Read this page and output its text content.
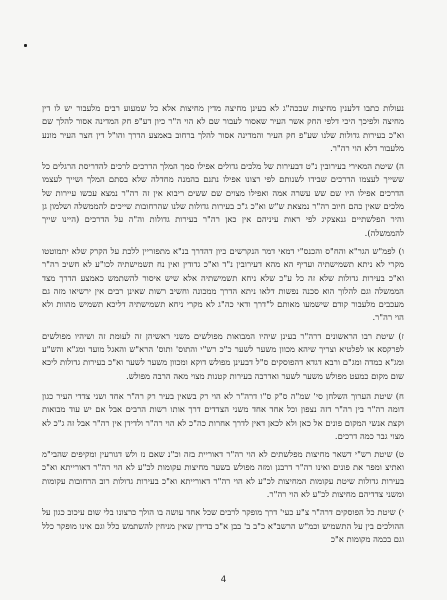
נעולות כתבו דלענין מחיצות שבכה"ג לא בעינן מחיצה מדין מחיצות אלא כל שמעוע רבים מלעבור יש לו דין מחיצה ולפיכך היכי דלפי החק אשר העיר שאסור לעבור שם לא הוי ה"ר כיון דע"פ חק המדינה אסור להלך שם וא"כ בעירות גדולות שלנו שע"פ חק העיר והמדינה אסור להלך ברחוב באמצע הדרך והו"ל דין חצר העיר מונע מלעבור דלא הוי רה"ר.

ה) שיטת המאירי בעירובין נ"ט דבעירות של מלכים גדולים אפילו סמך המלך הדרכים לרכים להדריסת הרגלים כל ששייך לעצמו הדרכים שבידו לשנותם לפי רצונו אפילו נתנם בהמנה מחדלה שלא בסתם המלך ושייך לעצמו הדרכים אפילו היו שם שש עשרה אמה ואפילו מצוים שם ששים ריבוא אין זה רה"ר נמצא עכשו עיירות של מלכים שאין כהם חיוב רה"ר נמצאת ש"ש וא"כ ג"כ בעירות גדולות שלנו שהרחובות שייכים להממשלה ושלמון גן והיר הפלשתיים גנאצקיג לפי ראות עיניהם אין כאן רה"ר בעירות גדולות וה"ה על הדרכים (היינו שייך להממשלה).

ו) לפמ"ש הגר"א והח"ס והכנס"י דמאי דמר הנקרשים כיון דהדרך בנ"א מתפזריין ללכת על הקרק שלא יתמוטטו מקרי לא ניתא תשמישתיה ועדיף הא מהא דעירובין נ"ד וא"כ גדודין ואין נח תשמישתיה לכו"ע לא חשיב רה"ר וא"כ בעירות גדולות שלא זה כל ע"כ שלא ניחא תשמישתיה אלא שיש איסור להשתמש כאמצע הדרך מצד הממשלה וגם להלוך הוא סכנה נפשות דלאו ניתא הדרך ממכונה וחשיב רשות שאינן רבים אין ירשיאו מזה גם מעכבים מלעבור קודם שישמעו מאותם ל"דרך ודאי כה"ג לא מקרי ניחא תשמישתיה דליכא תשמיש מהוות ולא הוי רה"ר.

ז) שיטת רבו הראשונים דרה"ר בעינן שיהיו המבואות מפולשים משני ראשיהן זה לעומת זה ושיהיו מפולשים לפרקסא או לפלטיא וצריך שיהא מכוון משער לשער כ"כ רש"י והתוס' ותוס' הרא"ש והאגל מועד ומג"א והש"ע ומג"א כמדה ומג"ם ורבא דגדא דהפוסקים ס"ל דבעינן מפולש דוקא ומכוון משער לשער וא"כ בעירות גדולות ליכא שום מקום כמעט מפולש משער לשער ואדרבה בעירות קטנות מצוי מאה הרבה מפולש.

ח) שיטת הערוך השלחן סי' שמ"ה ס"ק ס"ו דרה"ר לא הוי רק בשאין בעיר רק רה"ר אחד ושני צדדי העיר כגון דומה רה"ר בין רה"ר דזה נצפון וכל אחד אחד משני הצדדים דרך אותו רשות הרבים אבל אם יש עוד מבואות וקצת אנשי המקום פונים אל כאן ולא לכאן דאין לדרך אחרות כה"כ לא הוי רה"ר ולדידן אין רה"ר אבל זה ג"כ לא מצוי גבר כמה דרכים.

ט) שיטת רש"י דשאר מחיצות מפלשתים לא הוי רה"ר דאוריית בזה וכ"נ שאם נז ולש דגורעין ומקיפים שהבי"מ ואתיצ ומפר את פונים ואינו רה"ר דרבנן ומזה מפולש בשער מחיצות עקומות לכ"ע לא הוי רה"ר דאורייתא וא"כ בעירות גדולות שיטת עקומות המחיצות לכ"ע לא הוי רה"ר דאורייתא וא"כ בעירות גדולות רוב הרחובות עקומות ומשני צדדיהם מחיצות לכ"ע לא הוי רה"ר.

י) שיטת כל הפוסקים דרה"ר צ"ע כעי' דרך מופקר לרבים שכל אחד עושה בו הולך כרצונו בלי שום עיכוב כגון על ההולכים בין על התשמיש וכמ"ש הרשב"א כ"ב ב' בבן א"כ בדידן שאין מניחין להשתמש כלל וגם אינו מופקר כלל וגם בכמה מקומות א"כ

4
